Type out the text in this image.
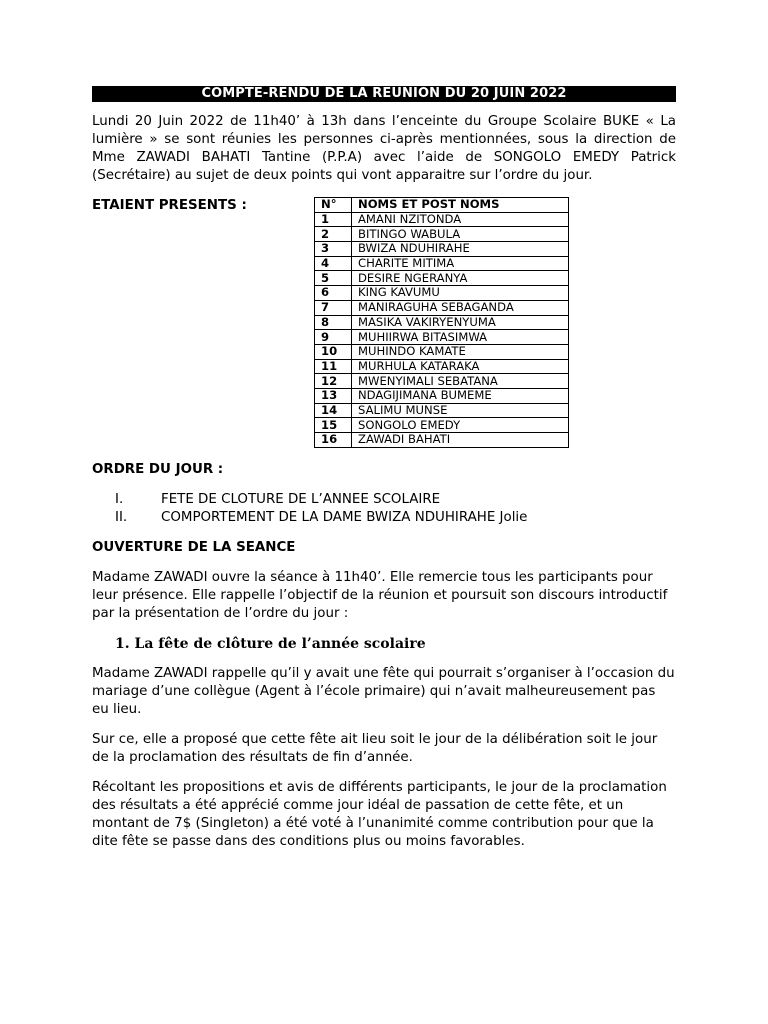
COMPTE-RENDU DE LA REUNION DU 20 JUIN 2022

Lundi 20 Juin 2022 de 11h40’ à 13h dans l’enceinte du Groupe Scolaire BUKE « La lumière » se sont réunies les personnes ci-après mentionnées, sous la direction de Mme ZAWADI BAHATI Tantine (P.P.A) avec l’aide de SONGOLO EMEDY Patrick (Secrétaire) au sujet de deux points qui vont apparaitre sur l’ordre du jour.

ETAIENT PRESENTS :	N°	NOMS ET POST NOMS
1	AMANI NZITONDA
2	BITINGO WABULA
3	BWIZA NDUHIRAHE
4	CHARITE MITIMA
5	DESIRE NGERANYA
6	KING KAVUMU
7	MANIRAGUHA SEBAGANDA
8	MASIKA VAKIRYENYUMA
9	MUHIIRWA BITASIMWA
10	MUHINDO KAMATE
11	MURHULA KATARAKA
12	MWENYIMALI SEBATANA
13	NDAGIJIMANA BUMEME
14	SALIMU MUNSE
15	SONGOLO EMEDY
16	ZAWADI BAHATI
ORDRE DU JOUR :
I.	FETE DE CLOTURE DE L’ANNEE SCOLAIRE
II.	COMPORTEMENT DE LA DAME BWIZA NDUHIRAHE Jolie
OUVERTURE DE LA SEANCE

Madame ZAWADI ouvre la séance à 11h40’. Elle remercie tous les participants pour leur présence. Elle rappelle l’objectif de la réunion et poursuit son discours introductif par la présentation de l’ordre du jour :

1. La fête de clôture de l’année scolaire

Madame ZAWADI rappelle qu’il y avait une fête qui pourrait s’organiser à l’occasion du mariage d’une collègue (Agent à l’école primaire) qui n’avait malheureusement pas eu lieu.

Sur ce, elle a proposé que cette fête ait lieu soit le jour de la délibération soit le jour de la proclamation des résultats de fin d’année.

Récoltant les propositions et avis de différents participants, le jour de la proclamation des résultats a été apprécié comme jour idéal de passation de cette fête, et un montant de 7$ (Singleton) a été voté à l’unanimité comme contribution pour que la dite fête se passe dans des conditions plus ou moins favorables.
